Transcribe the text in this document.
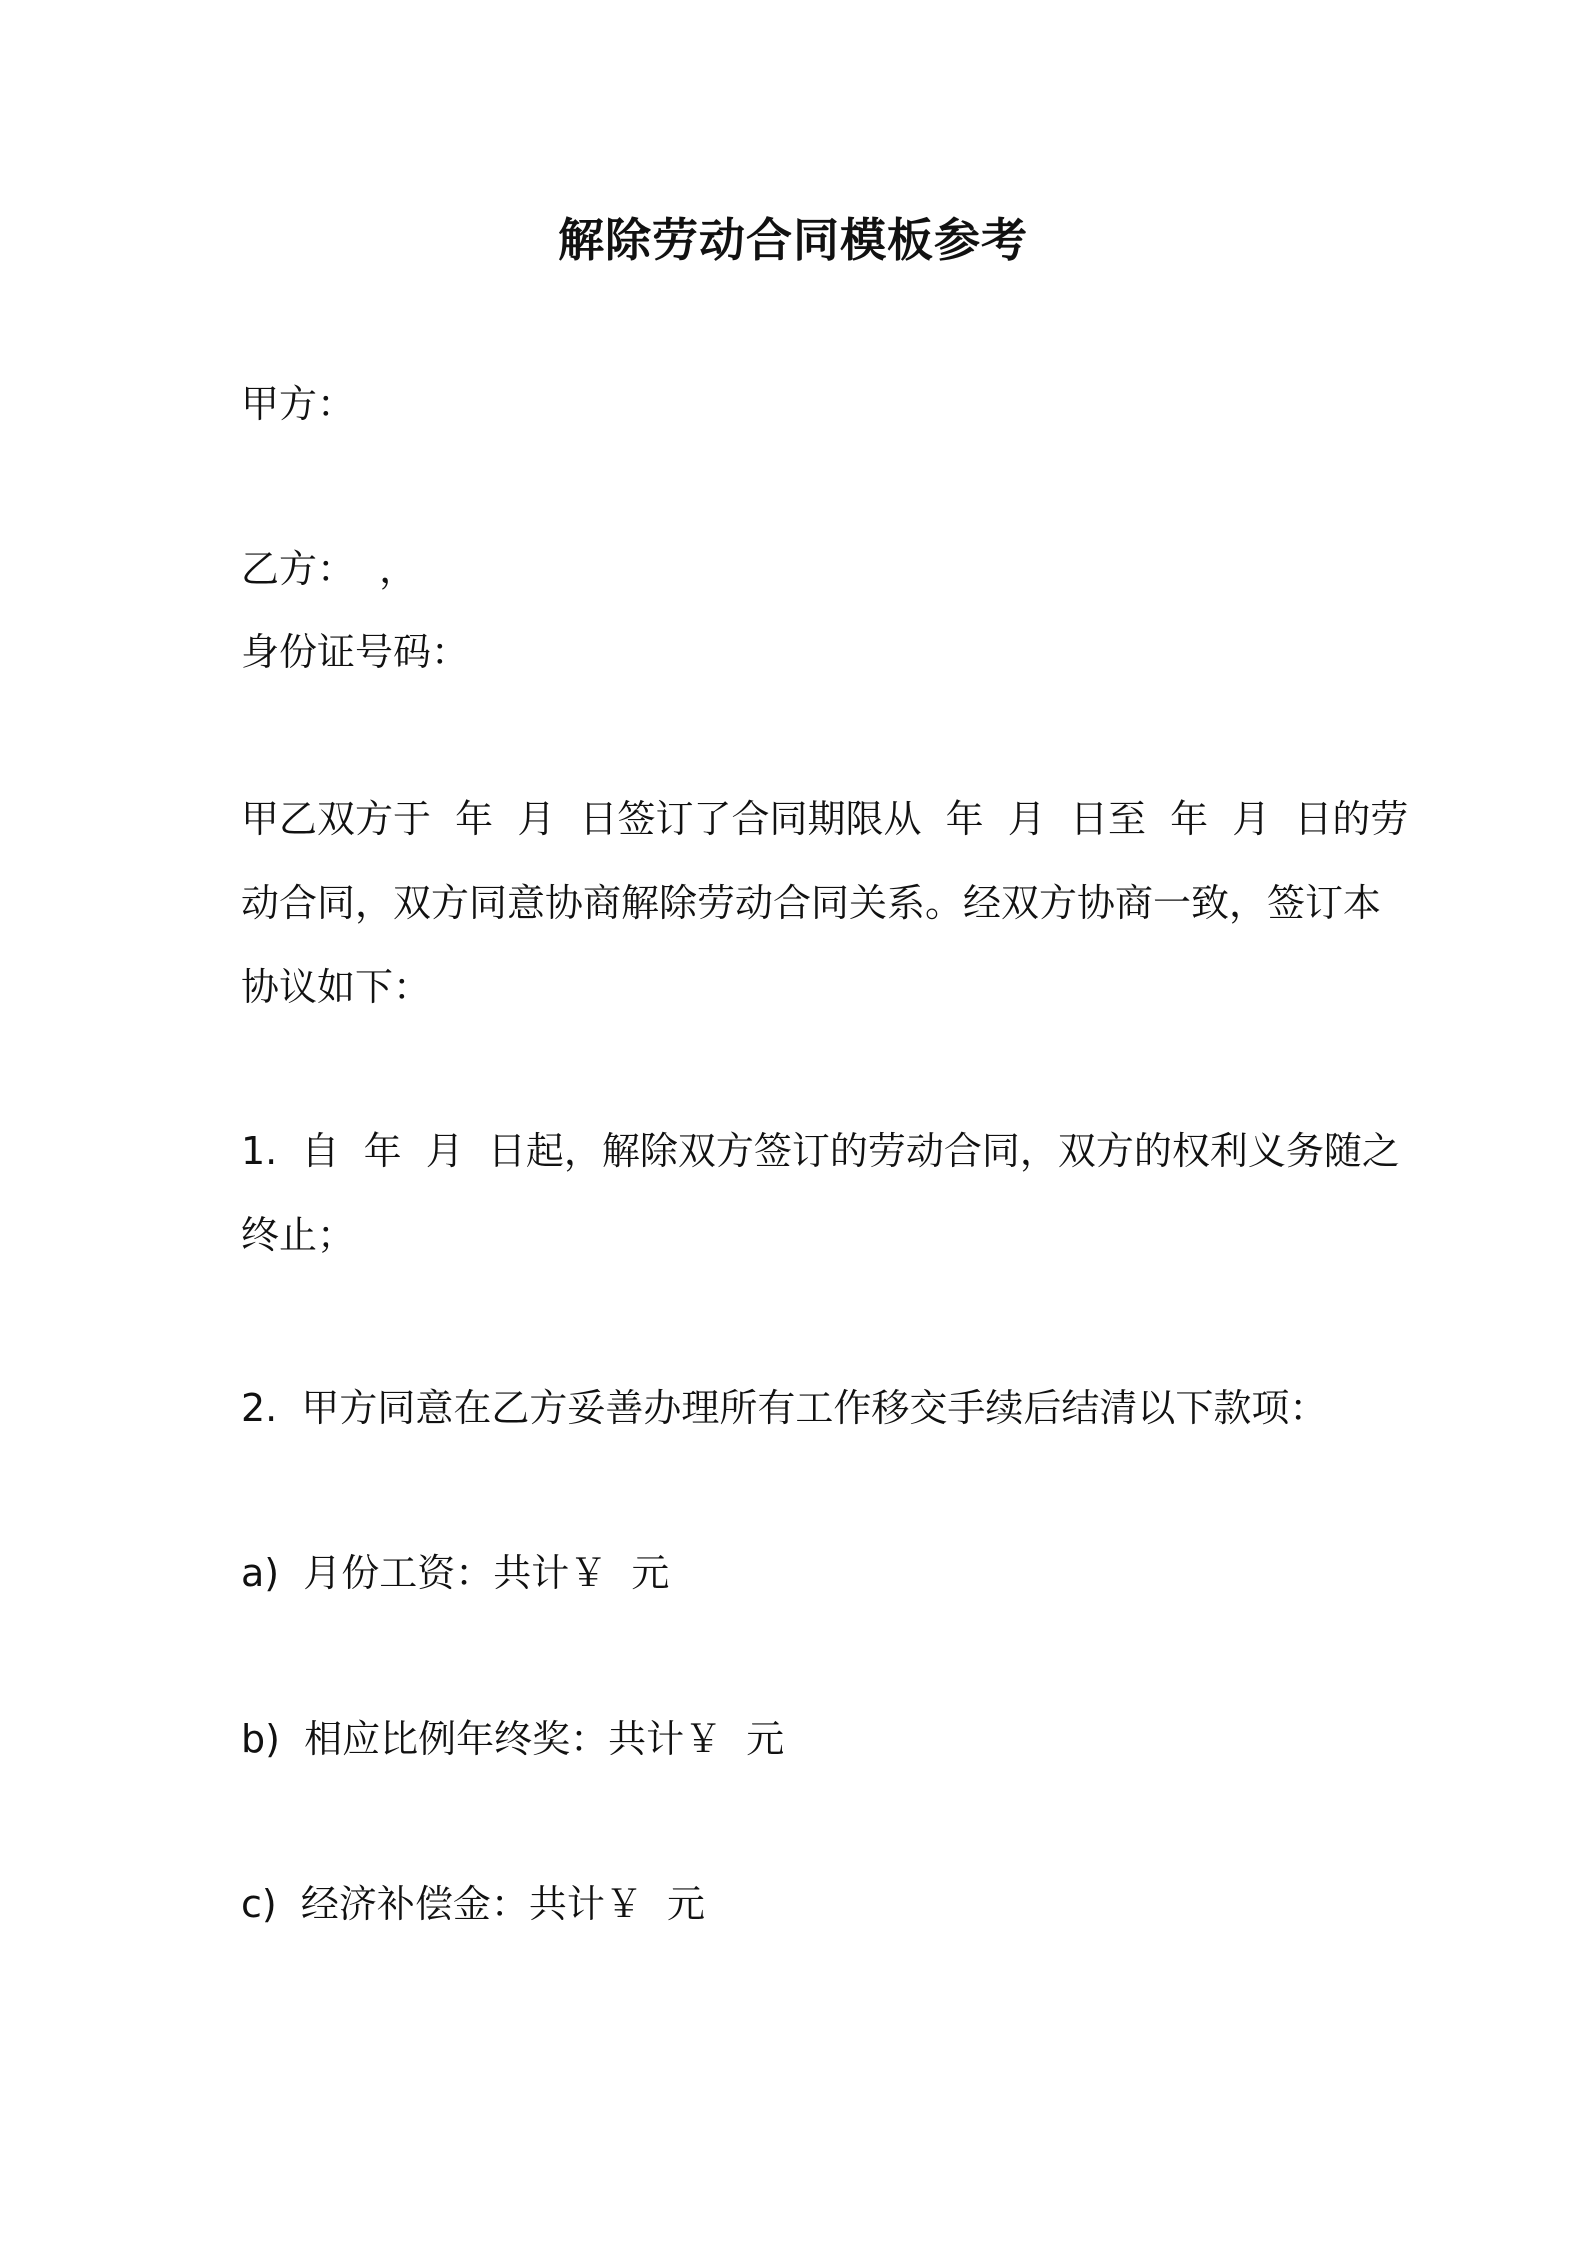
解除劳动合同模板参考
甲方：
乙方：  ，
身份证号码：
甲乙双方于  年  月  日签订了合同期限从  年  月  日至  年  月  日的劳
动合同，双方同意协商解除劳动合同关系。经双方协商一致，签订本
协议如下：
1.  自  年  月  日起，解除双方签订的劳动合同，双方的权利义务随之
终止；
2.  甲方同意在乙方妥善办理所有工作移交手续后结清以下款项：
a)  月份工资：共计￥  元
b)  相应比例年终奖：共计￥  元
c)  经济补偿金：共计￥  元
